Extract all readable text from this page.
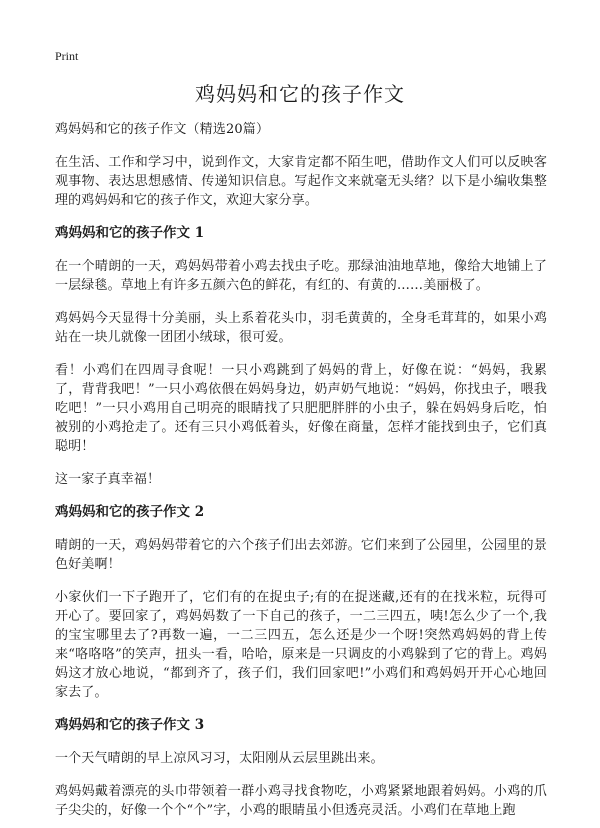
Print
鸡妈妈和它的孩子作文

鸡妈妈和它的孩子作文（精选20篇）

在生活、工作和学习中，说到作文，大家肯定都不陌生吧，借助作文人们可以反映客观事物、表达思想感情、传递知识信息。写起作文来就毫无头绪？以下是小编收集整理的鸡妈妈和它的孩子作文，欢迎大家分享。

鸡妈妈和它的孩子作文 1

在一个晴朗的一天，鸡妈妈带着小鸡去找虫子吃。那绿油油地草地，像给大地铺上了一层绿毯。草地上有许多五颜六色的鲜花，有红的、有黄的……美丽极了。

鸡妈妈今天显得十分美丽，头上系着花头巾，羽毛黄黄的，全身毛茸茸的，如果小鸡站在一块儿就像一团团小绒球，很可爱。

看！小鸡们在四周寻食呢！一只小鸡跳到了妈妈的背上，好像在说：“妈妈，我累了，背背我吧！”一只小鸡依偎在妈妈身边，奶声奶气地说：“妈妈，你找虫子，喂我吃吧！”一只小鸡用自己明亮的眼睛找了只肥肥胖胖的小虫子，躲在妈妈身后吃，怕被别的小鸡抢走了。还有三只小鸡低着头，好像在商量，怎样才能找到虫子，它们真聪明！

这一家子真幸福！

鸡妈妈和它的孩子作文 2

晴朗的一天，鸡妈妈带着它的六个孩子们出去郊游。它们来到了公园里，公园里的景色好美啊！

小家伙们一下子跑开了，它们有的在捉虫子;有的在捉迷藏,还有的在找米粒，玩得可开心了。要回家了，鸡妈妈数了一下自己的孩子，一二三四五，咦!怎么少了一个,我的宝宝哪里去了?再数一遍，一二三四五，怎么还是少一个呀!突然鸡妈妈的背上传来“咯咯咯”的笑声，扭头一看，哈哈，原来是一只调皮的小鸡躲到了它的背上。鸡妈妈这才放心地说，“都到齐了，孩子们，我们回家吧!”小鸡们和鸡妈妈开开心心地回家去了。

鸡妈妈和它的孩子作文 3

一个天气晴朗的早上凉风习习，太阳刚从云层里跳出来。

鸡妈妈戴着漂亮的头巾带领着一群小鸡寻找食物吃，小鸡紧紧地跟着妈妈。小鸡的爪子尖尖的，好像一个个“个”字，小鸡的眼睛虽小但透亮灵活。小鸡们在草地上跑
